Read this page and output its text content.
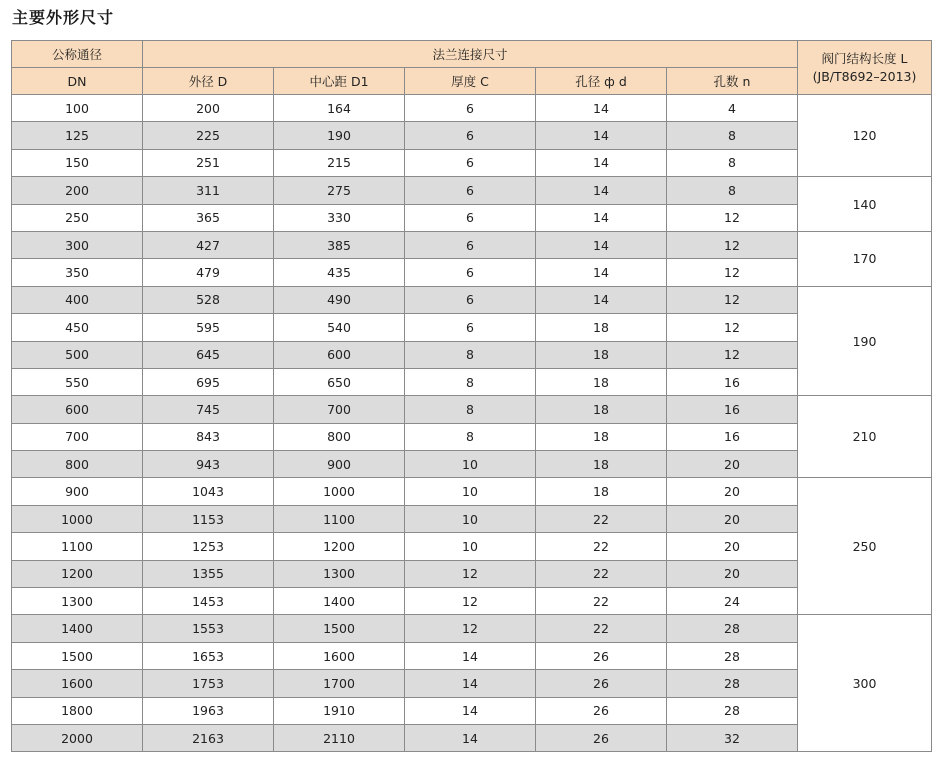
主要外形尺寸
公称通径	法兰连接尺寸					阀门结构长度 L
(JB/T8692–2013)
DN	外径 D	中心距 D1	厚度 C	孔径 ф d	孔数 n	
100	200	164	6	14	4	120
125	225	190	6	14	8	
150	251	215	6	14	8	
200	311	275	6	14	8	140
250	365	330	6	14	12	
300	427	385	6	14	12	170
350	479	435	6	14	12	
400	528	490	6	14	12	190
450	595	540	6	18	12	
500	645	600	8	18	12	
550	695	650	8	18	16	
600	745	700	8	18	16	210
700	843	800	8	18	16	
800	943	900	10	18	20	
900	1043	1000	10	18	20	250
1000	1153	1100	10	22	20	
1100	1253	1200	10	22	20	
1200	1355	1300	12	22	20	
1300	1453	1400	12	22	24	
1400	1553	1500	12	22	28	300
1500	1653	1600	14	26	28	
1600	1753	1700	14	26	28	
1800	1963	1910	14	26	28	
2000	2163	2110	14	26	32	
